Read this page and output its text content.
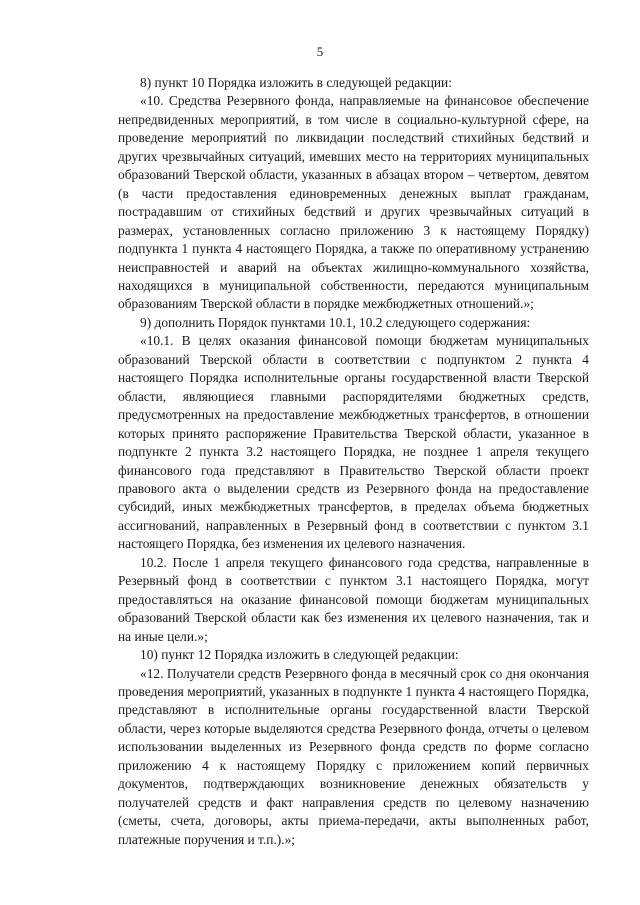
5

8) пункт 10 Порядка изложить в следующей редакции:

«10. Средства Резервного фонда, направляемые на финансовое обеспечение непредвиденных мероприятий, в том числе в социально-культурной сфере, на проведение мероприятий по ликвидации последствий стихийных бедствий и других чрезвычайных ситуаций, имевших место на территориях муниципальных образований Тверской области, указанных в абзацах втором – четвертом, девятом (в части предоставления единовременных денежных выплат гражданам, пострадавшим от стихийных бедствий и других чрезвычайных ситуаций в размерах, установленных согласно приложению 3 к настоящему Порядку) подпункта 1 пункта 4 настоящего Порядка, а также по оперативному устранению неисправностей и аварий на объектах жилищно-коммунального хозяйства, находящихся в муниципальной собственности, передаются муниципальным образованиям Тверской области в порядке межбюджетных отношений.»;

9) дополнить Порядок пунктами 10.1, 10.2 следующего содержания:

«10.1. В целях оказания финансовой помощи бюджетам муниципальных образований Тверской области в соответствии с подпунктом 2 пункта 4 настоящего Порядка исполнительные органы государственной власти Тверской области, являющиеся главными распорядителями бюджетных средств, предусмотренных на предоставление межбюджетных трансфертов, в отношении которых принято распоряжение Правительства Тверской области, указанное в подпункте 2 пункта 3.2 настоящего Порядка, не позднее 1 апреля текущего финансового года представляют в Правительство Тверской области проект правового акта о выделении средств из Резервного фонда на предоставление субсидий, иных межбюджетных трансфертов, в пределах объема бюджетных ассигнований, направленных в Резервный фонд в соответствии с пунктом 3.1 настоящего Порядка, без изменения их целевого назначения.

10.2. После 1 апреля текущего финансового года средства, направленные в Резервный фонд в соответствии с пунктом 3.1 настоящего Порядка, могут предоставляться на оказание финансовой помощи бюджетам муниципальных образований Тверской области как без изменения их целевого назначения, так и на иные цели.»;

10) пункт 12 Порядка изложить в следующей редакции:

«12. Получатели средств Резервного фонда в месячный срок со дня окончания проведения мероприятий, указанных в подпункте 1 пункта 4 настоящего Порядка, представляют в исполнительные органы государственной власти Тверской области, через которые выделяются средства Резервного фонда, отчеты о целевом использовании выделенных из Резервного фонда средств по форме согласно приложению 4 к настоящему Порядку с приложением копий первичных документов, подтверждающих возникновение денежных обязательств у получателей средств и факт направления средств по целевому назначению (сметы, счета, договоры, акты приема-передачи, акты выполненных работ, платежные поручения и т.п.).»;
